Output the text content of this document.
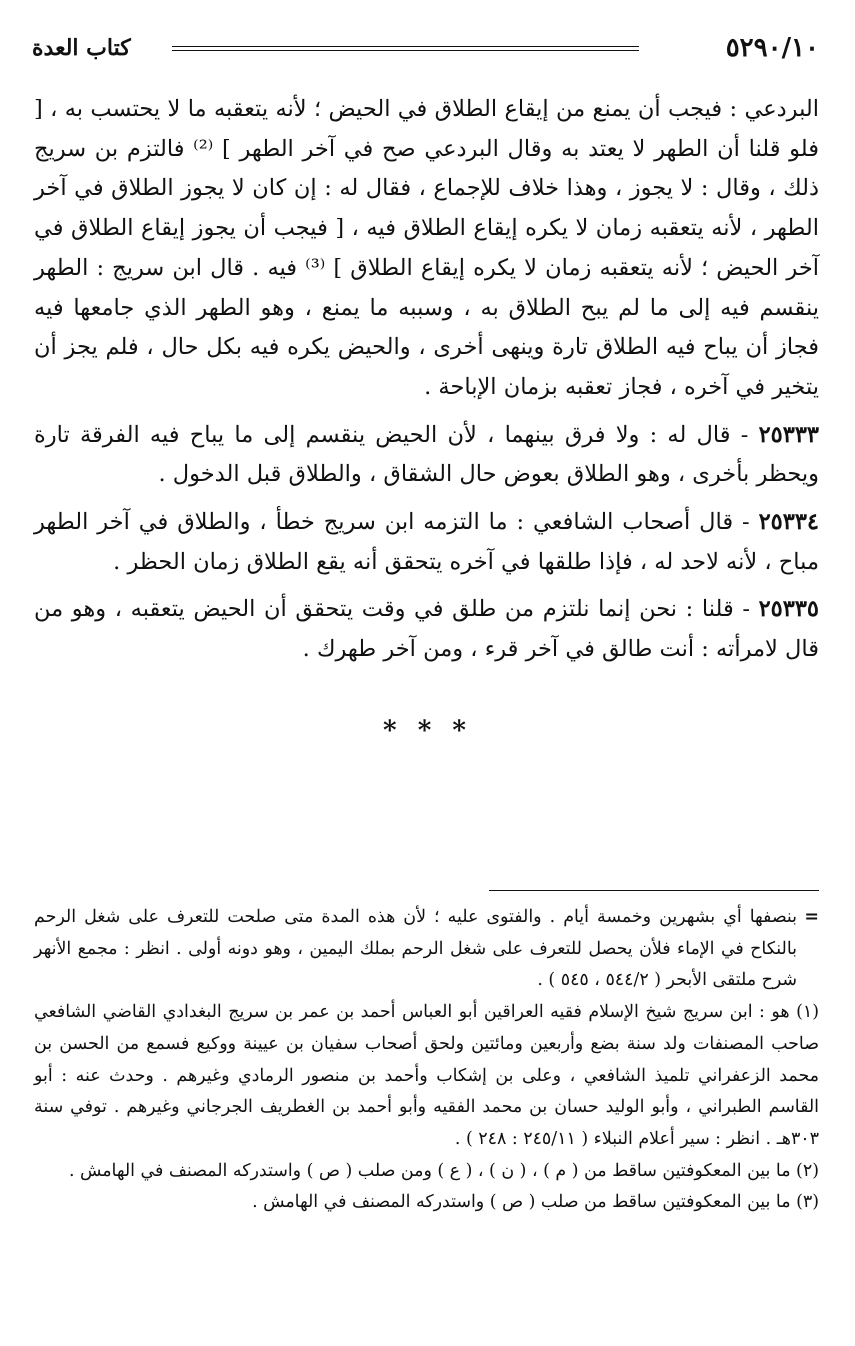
٥٢٩٠/١٠
كتاب العدة

البردعي : فيجب أن يمنع من إيقاع الطلاق في الحيض ؛ لأنه يتعقبه ما لا يحتسب به ، [ فلو قلنا أن الطهر لا يعتد به وقال البردعي صح في آخر الطهر ] ⁽²⁾ فالتزم بن سريج ذلك ، وقال : لا يجوز ، وهذا خلاف للإجماع ، فقال له : إن كان لا يجوز الطلاق في آخر الطهر ، لأنه يتعقبه زمان لا يكره إيقاع الطلاق فيه ، [ فيجب أن يجوز إيقاع الطلاق في آخر الحيض ؛ لأنه يتعقبه زمان لا يكره إيقاع الطلاق ] ⁽³⁾ فيه . قال ابن سريج : الطهر ينقسم فيه إلى ما لم يبح الطلاق به ، وسببه ما يمنع ، وهو الطهر الذي جامعها فيه فجاز أن يباح فيه الطلاق تارة وينهى أخرى ، والحيض يكره فيه بكل حال ، فلم يجز أن يتخير في آخره ، فجاز تعقبه بزمان الإباحة .

٢٥٣٣٣ - قال له : ولا فرق بينهما ، لأن الحيض ينقسم إلى ما يباح فيه الفرقة تارة ويحظر بأخرى ، وهو الطلاق بعوض حال الشقاق ، والطلاق قبل الدخول .

٢٥٣٣٤ - قال أصحاب الشافعي : ما التزمه ابن سريج خطأ ، والطلاق في آخر الطهر مباح ، لأنه لاحد له ، فإذا طلقها في آخره يتحقق أنه يقع الطلاق زمان الحظر .

٢٥٣٣٥ - قلنا : نحن إنما نلتزم من طلق في وقت يتحقق أن الحيض يتعقبه ، وهو من قال لامرأته : أنت طالق في آخر قرء ، ومن آخر طهرك .

* * *

=
بنصفها أي بشهرين وخمسة أيام . والفتوى عليه ؛ لأن هذه المدة متى صلحت للتعرف على شغل الرحم بالنكاح في الإماء فلأن يحصل للتعرف على شغل الرحم بملك اليمين ، وهو دونه أولى . انظر : مجمع الأنهر شرح ملتقى الأبحر ( ٥٤٤/٢ ، ٥٤٥ ) .

(١) هو : ابن سريج شيخ الإسلام فقيه العراقين أبو العباس أحمد بن عمر بن سريج البغدادي القاضي الشافعي صاحب المصنفات ولد سنة بضع وأربعين ومائتين ولحق أصحاب سفيان بن عيينة ووكيع فسمع من الحسن بن محمد الزعفراني تلميذ الشافعي ، وعلى بن إشكاب وأحمد بن منصور الرمادي وغيرهم . وحدث عنه : أبو القاسم الطبراني ، وأبو الوليد حسان بن محمد الفقيه وأبو أحمد بن الغطريف الجرجاني وغيرهم . توفي سنة ٣٠٣هـ . انظر : سير أعلام النبلاء ( ٢٤٥/١١ : ٢٤٨ ) .

(٢) ما بين المعكوفتين ساقط من ( م ) ، ( ن ) ، ( ع ) ومن صلب ( ص ) واستدركه المصنف في الهامش .

(٣) ما بين المعكوفتين ساقط من صلب ( ص ) واستدركه المصنف في الهامش .
